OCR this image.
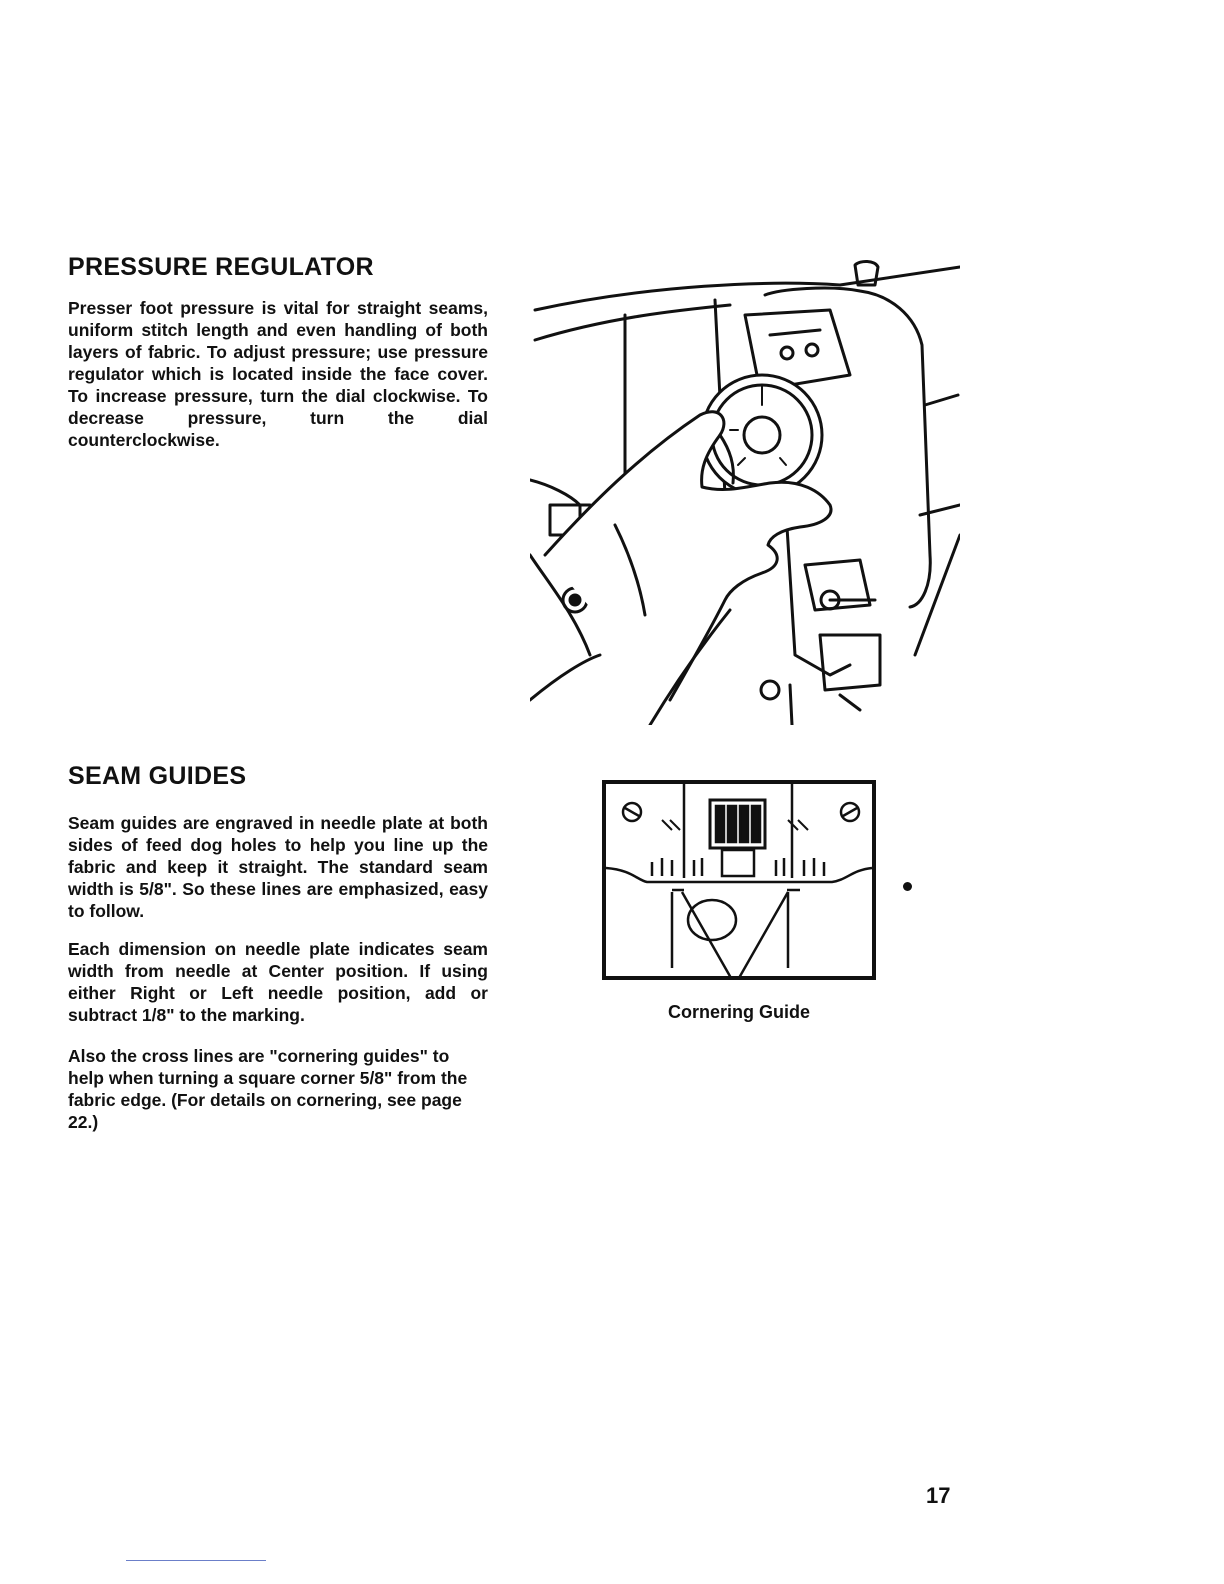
PRESSURE REGULATOR

Presser foot pressure is vital for straight seams, uniform stitch length and even handling of both layers of fabric. To adjust pressure; use pressure regulator which is located inside the face cover. To increase pressure, turn the dial clockwise. To decrease pressure, turn the dial counterclockwise.

SEAM GUIDES

Seam guides are engraved in needle plate at both sides of feed dog holes to help you line up the fabric and keep it straight. The standard seam width is 5/8". So these lines are emphasized, easy to follow.

Each dimension on needle plate indicates seam width from needle at Center position. If using either Right or Left needle position, add or subtract 1/8" to the marking.

Also the cross lines are "cornering guides" to help when turning a square corner 5/8" from the fabric edge. (For details on cornering, see page 22.)

Cornering Guide
17
